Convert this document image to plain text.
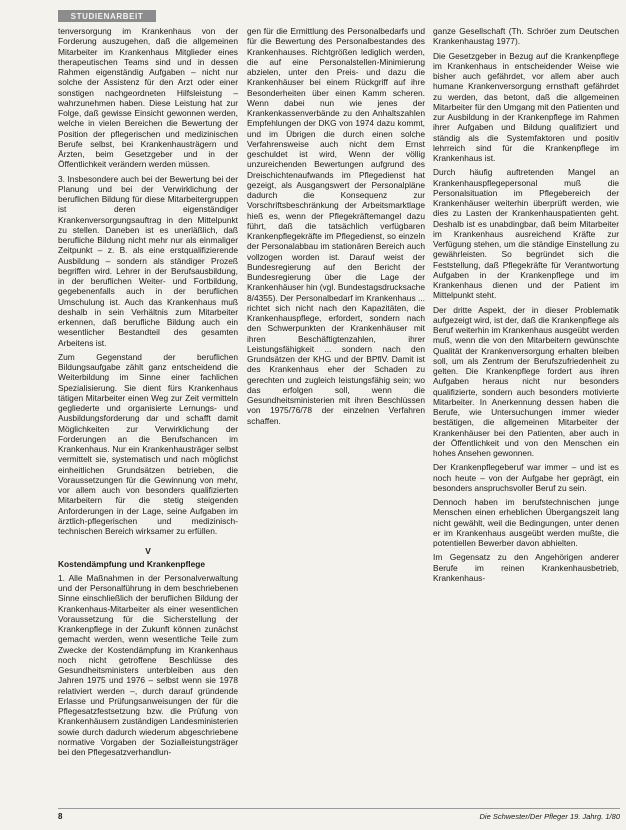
STUDIENARBEIT

tenversorgung im Krankenhaus von der Forderung auszugehen, daß die allgemeinen Mitarbeiter im Krankenhaus Mitglieder eines therapeutischen Teams sind und in dessen Rahmen eigenständig Aufgaben – nicht nur solche der Assistenz für den Arzt oder einer sonstigen nachgeordneten Hilfsleistung – wahrzunehmen haben. Diese Leistung hat zur Folge, daß gewisse Einsicht gewonnen werden, welche in vielen Bereichen die Bewertung der Position der pflegerischen und medizinischen Berufe selbst, bei Krankenhausträgern und Ärzten, beim Gesetzgeber und in der Öffentlichkeit verändern werden müssen.

3. Insbesondere auch bei der Bewertung bei der Planung und bei der Verwirklichung der beruflichen Bildung für diese Mitarbeitergruppen ist deren eigenständiger Krankenversorgungsauftrag in den Mittelpunkt zu stellen. Daneben ist es unerläßlich, daß berufliche Bildung nicht mehr nur als einmaliger Zeitpunkt – z. B. als eine erstqualifizierende Ausbildung – sondern als ständiger Prozeß begriffen wird. Lehrer in der Berufsausbildung, in der beruflichen Weiter- und Fortbildung, gegebenenfalls auch in der beruflichen Umschulung ist. Auch das Krankenhaus muß deshalb in sein Verhältnis zum Mitarbeiter erkennen, daß berufliche Bildung auch ein wesentlicher Bestandteil des gesamten Arbeitens ist.

Zum Gegenstand der beruflichen Bildungsaufgabe zählt ganz entscheidend die Weiterbildung im Sinne einer fachlichen Spezialisierung. Sie dient fürs Krankenhaus tätigen Mitarbeiter einen Weg zur Zeit vermitteln gegliederte und organisierte Lernungs- und Ausbildungsforderung dar und schafft damit Möglichkeiten zur Verwirklichung der Forderungen an die Berufschancen im Krankenhaus. Nur ein Krankenhausträger selbst vermittelt sie, systematisch und nach möglichst einheitlichen Grundsätzen betrieben, die Voraussetzungen für die Gewinnung von mehr, vor allem auch von besonders qualifizierten Mitarbeitern für die stetig steigenden Anforderungen in der Lage, seine Aufgaben im ärztlich-pflegerischen und medizinisch-technischen Bereich wirksamer zu erfüllen.

V
Kostendämpfung und Krankenpflege

1. Alle Maßnahmen in der Personalverwaltung und der Personalführung in dem beschriebenen Sinne einschließlich der beruflichen Bildung der Krankenhaus-Mitarbeiter als einer wesentlichen Voraussetzung für die Sicherstellung der Krankenpflege in der Zukunft können zunächst gemacht werden, wenn wesentliche Teile zum Zwecke der Kostendämpfung im Krankenhaus noch nicht getroffene Beschlüsse des Gesundheitsministers unterbleiben aus den Jahren 1975 und 1976 – selbst wenn sie 1978 relativiert werden –, durch darauf gründende Erlasse und Prüfungsanweisungen der für die Pflegesatzfestsetzung bzw. die Prüfung von Krankenhäusern zuständigen Landesministerien sowie durch dadurch wiederum abgeschriebene normative Vorgaben der Sozialleistungsträger bei den Pflegesatzverhandlun-

gen für die Ermittlung des Personalbedarfs und für die Bewertung des Personalbestandes des Krankenhauses. Richtgrößen lediglich werden, die auf eine Personalstellen-Minimierung abzielen, unter den Preis- und dazu die Krankenhäuser bei einem Rückgriff auf ihre Besonderheiten über einen Kamm scheren. Wenn dabei nun wie jenes der Krankenkassenverbände zu den Anhaltszahlen Empfehlungen der DKG von 1974 dazu kommt, und im Übrigen die durch einen solche Verfahrensweise auch nicht dem Ernst geschuldet ist wird, Wenn der völlig unzureichenden Bewertungen aufgrund des Dreischichtenaufwands im Pflegedienst hat gezeigt, als Ausgangswert der Personalpläne dadurch die Konsequenz zur Vorschriftsbeschränkung der Arbeitsmarktlage hieß es, wenn der Pflegekräftemangel dazu führt, daß die tatsächlich verfügbaren Krankenpflegekräfte im Pflegedienst, so einzeln der Personalabbau im stationären Bereich auch vollzogen worden ist. Darauf weist der Bundesregierung auf den Bericht der Bundesregierung über die Lage der Krankenhäuser hin (vgl. Bundestagsdrucksache 8/4355). Der Personalbedarf im Krankenhaus ... richtet sich nicht nach den Kapazitäten, die Krankenhauspflege, erfordert, sondern nach den Schwerpunkten der Krankenhäuser mit ihren Beschäftigtenzahlen, ihrer Leistungsfähigkeit ... sondern nach den Grundsätzen der KHG und der BPflV. Damit ist des Krankenhaus eher der Schaden zu gerechten und zugleich leistungsfähig sein; wo das erfolgen soll, wenn die Gesundheitsministerien mit ihren Beschlüssen von 1975/76/78 der einzelnen Verfahren schaffen.

ganze Gesellschaft (Th. Schröer zum Deutschen Krankenhaustag 1977).

Die Gesetzgeber in Bezug auf die Krankenpflege im Krankenhaus in entscheidender Weise wie bisher auch gefährdet, vor allem aber auch humane Krankenversorgung ernsthaft gefährdet zu werden, das betont, daß die allgemeinen Mitarbeiter für den Umgang mit den Patienten und zur Ausbildung in der Krankenpflege im Rahmen ihrer Aufgaben und Bildung qualifiziert und ständig als die Systemfaktoren und positiv lehrreich sind für die Krankenpflege im Krankenhaus ist.

Durch häufig auftretenden Mangel an Krankenhauspflegepersonal muß die Personalsituation im Pflegebereich der Krankenhäuser weiterhin überprüft werden, wie dies zu Lasten der Krankenhauspatienten geht. Deshalb ist es unabdingbar, daß beim Mitarbeiter im Krankenhaus ausreichend Kräfte zur Verfügung stehen, um die ständige Einstellung zu gewährleisten. So begründet sich die Feststellung, daß Pflegekräfte für Verantwortung Aufgaben in der Krankenpflege und im Krankenhaus dienen und der Patient im Mittelpunkt steht.

Der dritte Aspekt, der in dieser Problematik aufgezeigt wird, ist der, daß die Krankenpflege als Beruf weiterhin im Krankenhaus ausgeübt werden muß, wenn die von den Mitarbeitern gewünschte Qualität der Krankenversorgung erhalten bleiben soll, um als Zentrum der Berufszufriedenheit zu gelten. Die Krankenpflege fordert aus ihren Aufgaben heraus nicht nur besonders qualifizierte, sondern auch besonders motivierte Mitarbeiter. In Anerkennung dessen haben die Berufe, wie Untersuchungen immer wieder bestätigen, die allgemeinen Mitarbeiter der Krankenhäuser bei den Patienten, aber auch in der Öffentlichkeit und von den Menschen ein hohes Ansehen gewonnen.

Der Krankenpflegeberuf war immer – und ist es noch heute – von der Aufgabe her geprägt, ein besonders anspruchsvoller Beruf zu sein.

Dennoch haben im berufstechnischen junge Menschen einen erheblichen Übergangszeit lang nicht gewählt, weil die Bedingungen, unter denen er im Krankenhaus ausgeübt werden mußte, die potentiellen Bewerber davon abhielten.

Im Gegensatz zu den Angehörigen anderer Berufe im reinen Krankenhausbetrieb, Krankenhaus-

8	Die Schwester/Der Pfleger 19. Jahrg. 1/80
